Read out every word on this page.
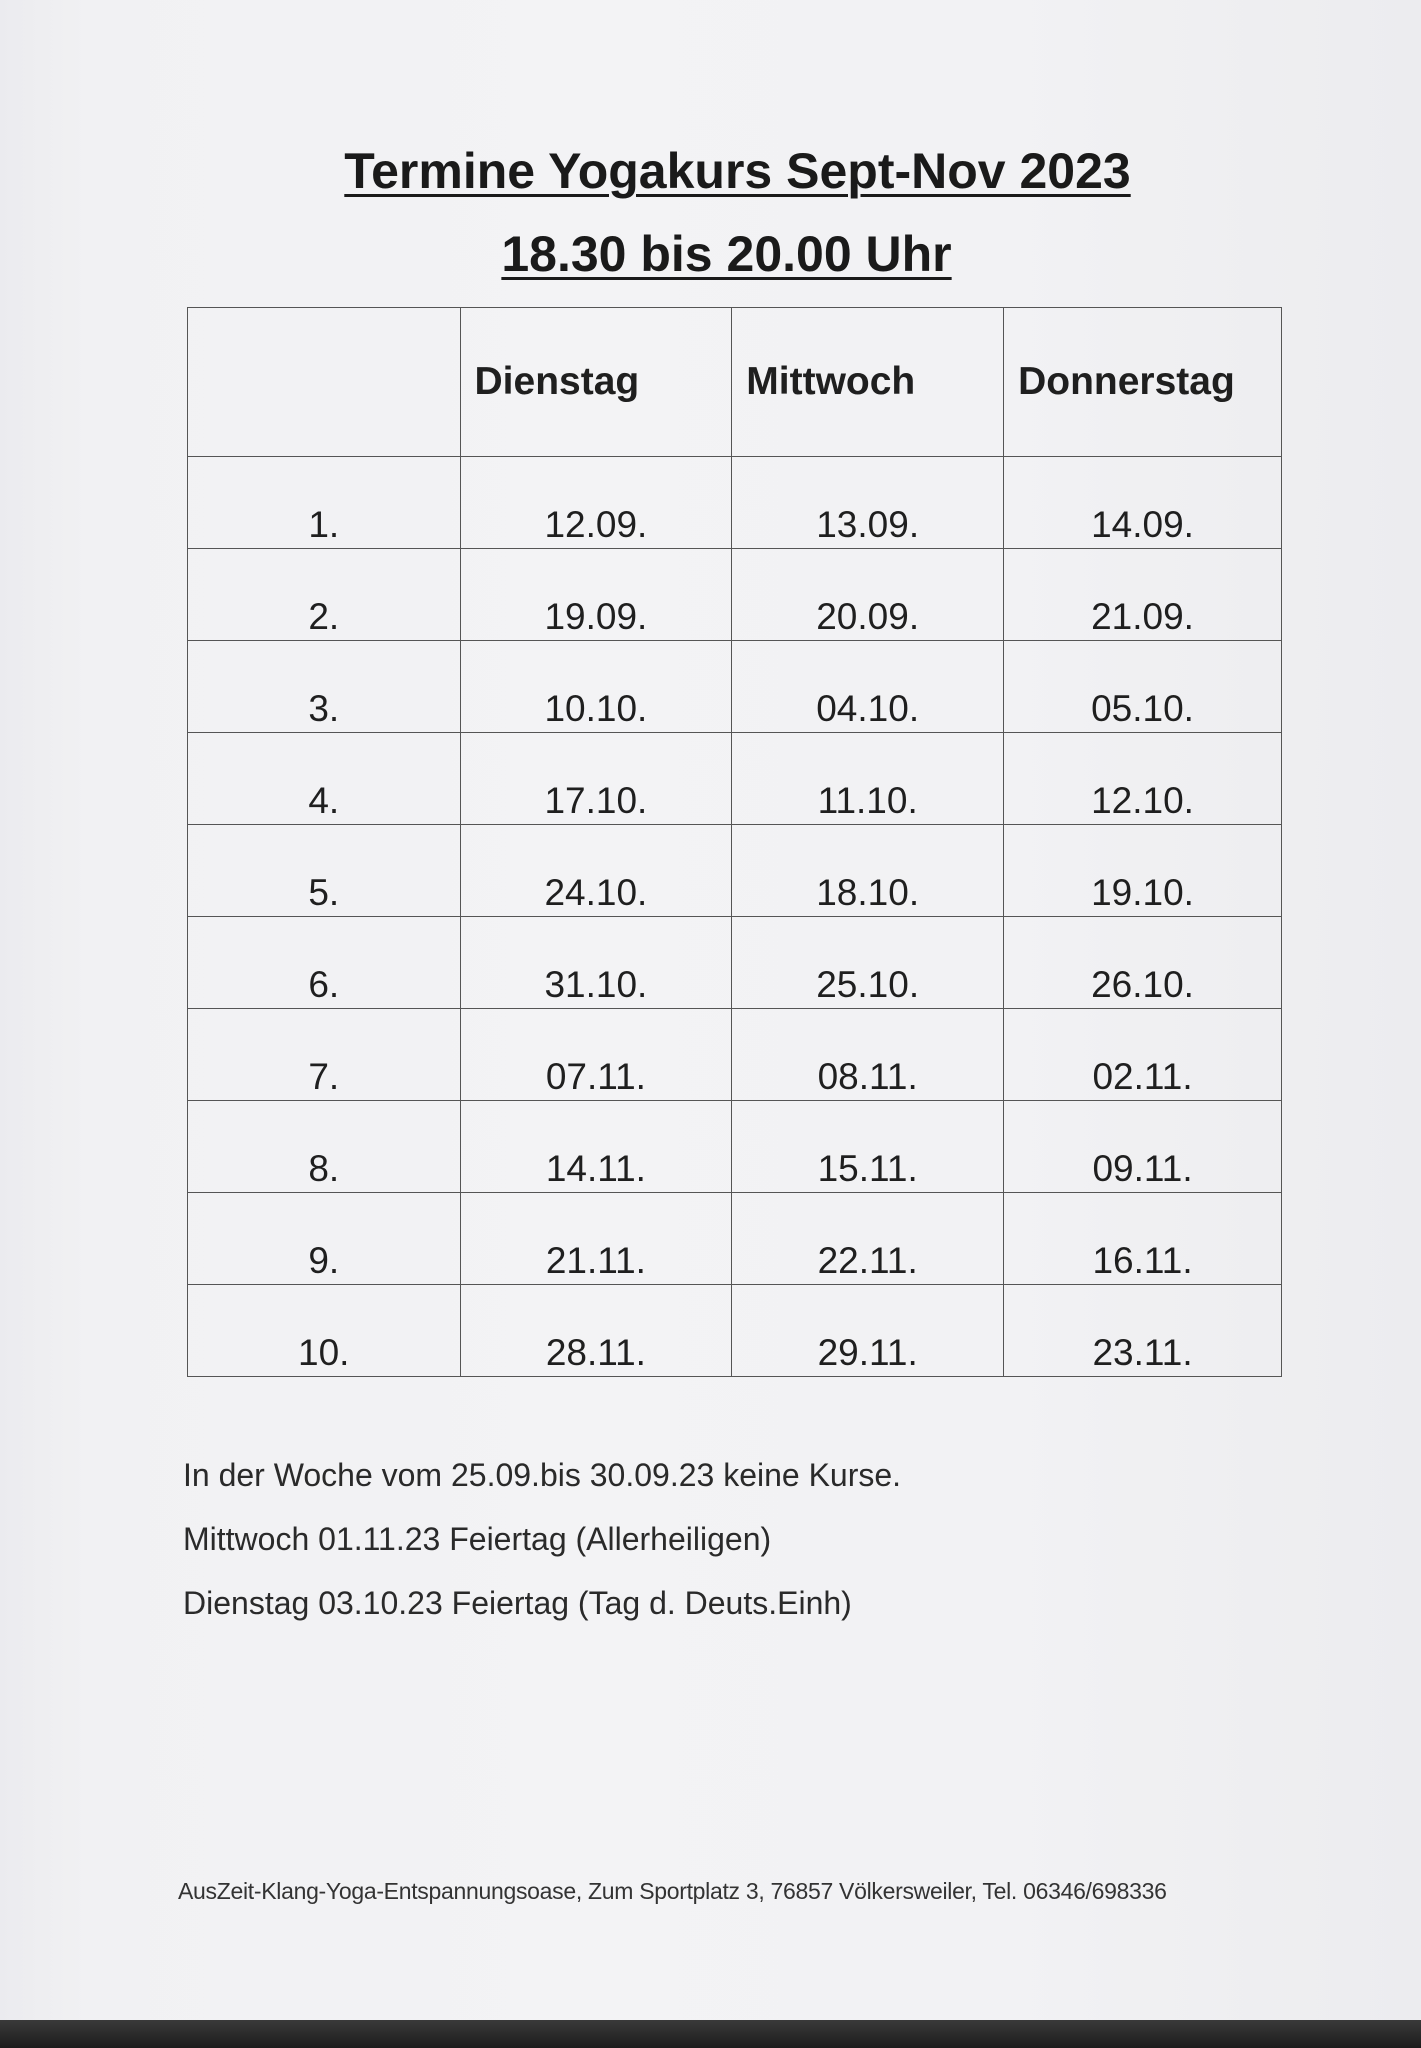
Termine Yogakurs Sept-Nov 2023
18.30 bis 20.00 Uhr
	Dienstag	Mittwoch	Donnerstag
1.	12.09.	13.09.	14.09.
2.	19.09.	20.09.	21.09.
3.	10.10.	04.10.	05.10.
4.	17.10.	11.10.	12.10.
5.	24.10.	18.10.	19.10.
6.	31.10.	25.10.	26.10.
7.	07.11.	08.11.	02.11.
8.	14.11.	15.11.	09.11.
9.	21.11.	22.11.	16.11.
10.	28.11.	29.11.	23.11.
In der Woche vom 25.09.bis 30.09.23 keine Kurse.
Mittwoch 01.11.23 Feiertag (Allerheiligen)
Dienstag 03.10.23 Feiertag (Tag d. Deuts.Einh)
AusZeit-Klang-Yoga-Entspannungsoase, Zum Sportplatz 3, 76857 Völkersweiler, Tel. 06346/698336
